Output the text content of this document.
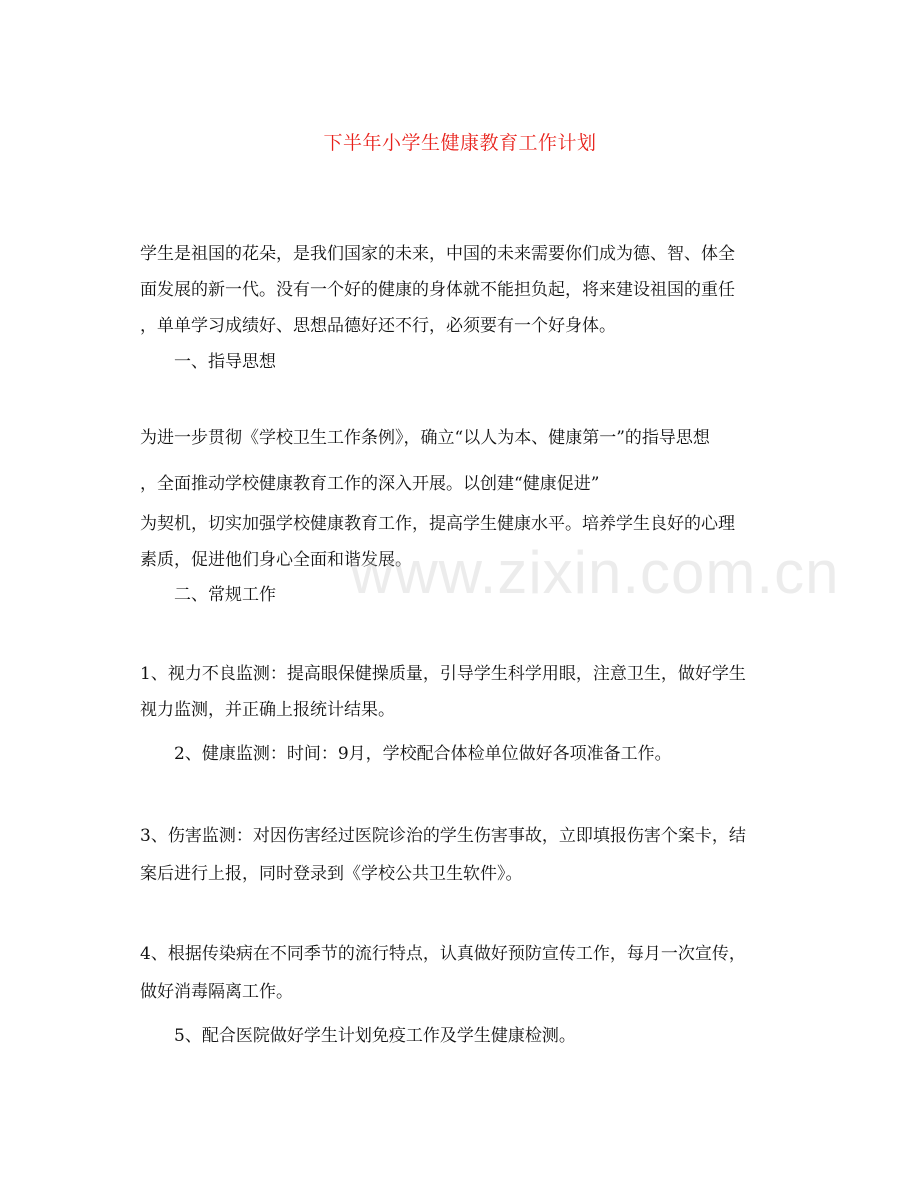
下半年小学生健康教育工作计划
学生是祖国的花朵，是我们国家的未来，中国的未来需要你们成为德、智、体全
面发展的新一代。没有一个好的健康的身体就不能担负起，将来建设祖国的重任
，单单学习成绩好、思想品德好还不行，必须要有一个好身体。
一、指导思想
为进一步贯彻《学校卫生工作条例》，确立“以人为本、健康第一”的指导思想
，全面推动学校健康教育工作的深入开展。以创建“健康促进”
为契机，切实加强学校健康教育工作，提高学生健康水平。培养学生良好的心理
素质，促进他们身心全面和谐发展。
二、常规工作
1、视力不良监测：提高眼保健操质量，引导学生科学用眼，注意卫生，做好学生
视力监测，并正确上报统计结果。
2、健康监测：时间：9月，学校配合体检单位做好各项准备工作。
3、伤害监测：对因伤害经过医院诊治的学生伤害事故，立即填报伤害个案卡，结
案后进行上报，同时登录到《学校公共卫生软件》。
4、根据传染病在不同季节的流行特点，认真做好预防宣传工作，每月一次宣传，
做好消毒隔离工作。
5、配合医院做好学生计划免疫工作及学生健康检测。
www.zixin.com.cn
